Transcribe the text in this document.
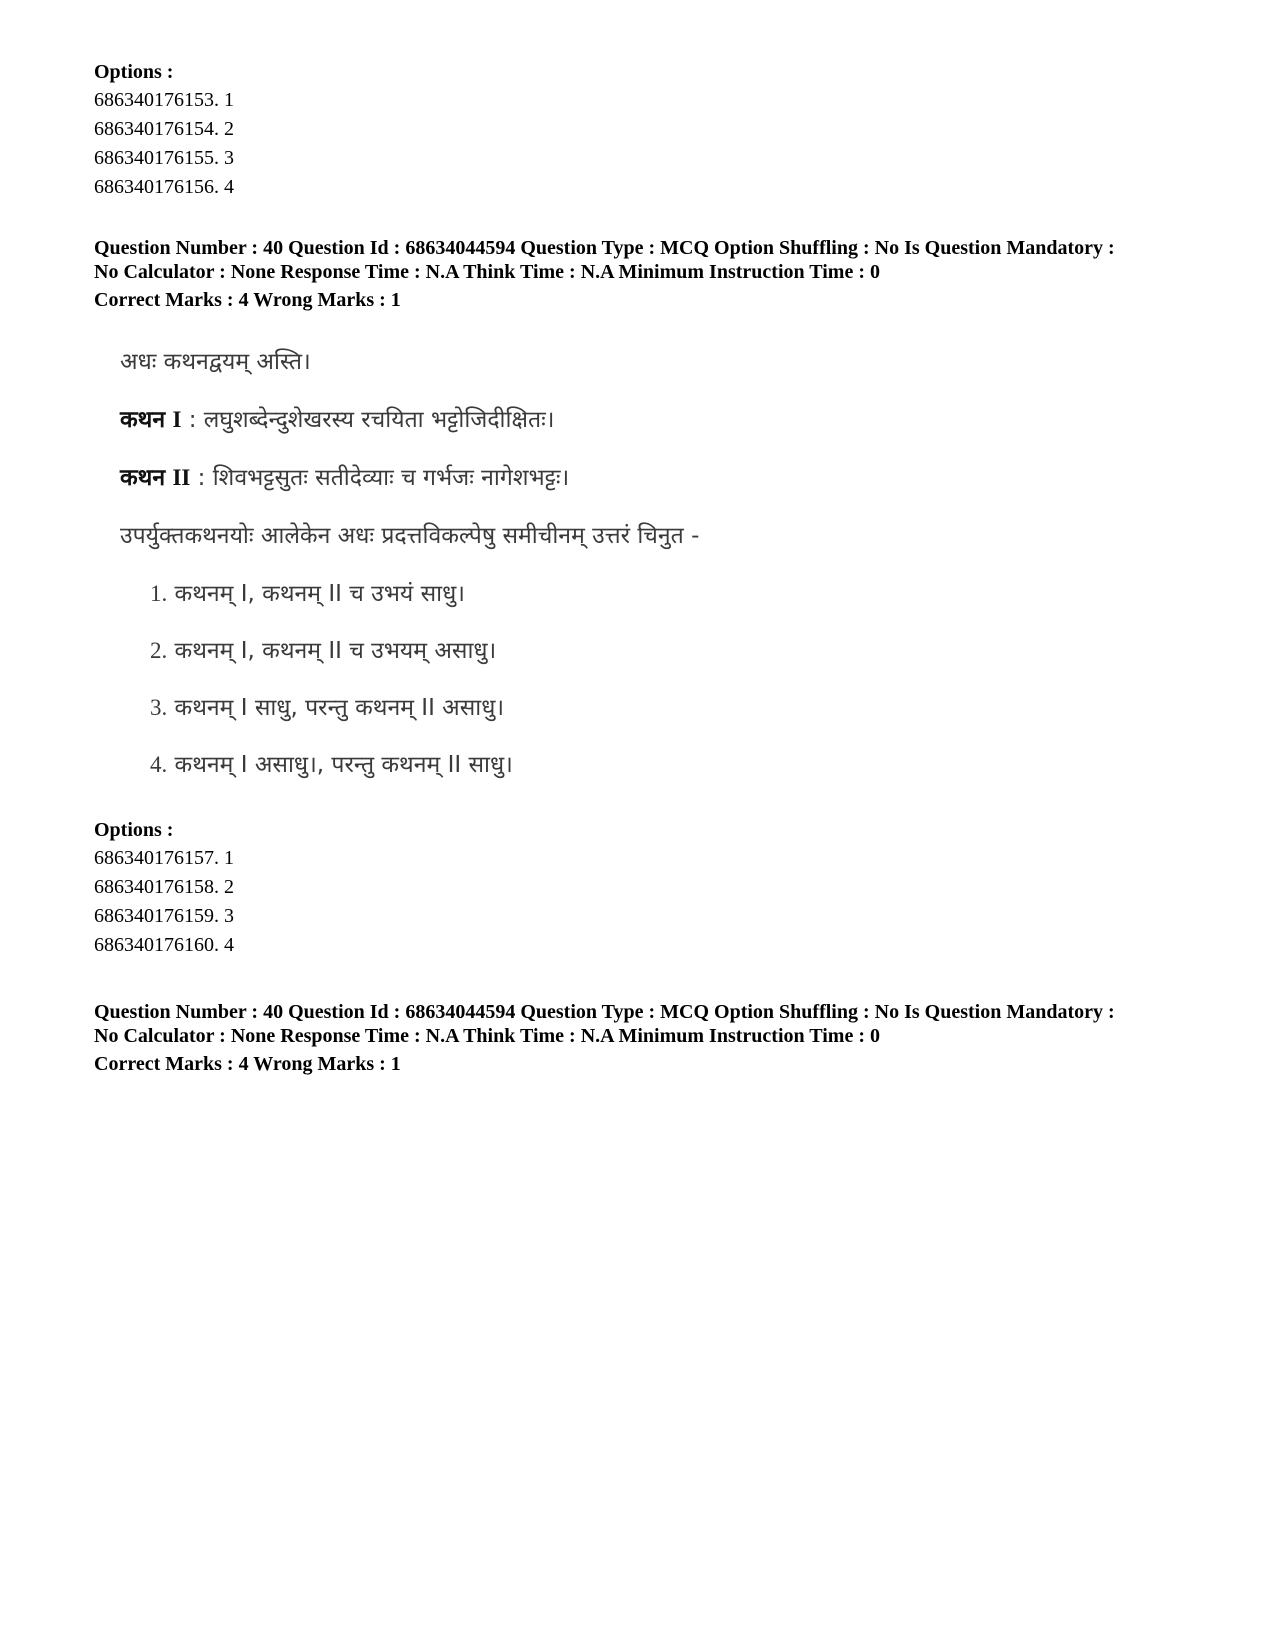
Options :

686340176153. 1

686340176154. 2

686340176155. 3

686340176156. 4

Question Number : 40 Question Id : 68634044594 Question Type : MCQ Option Shuffling : No Is Question Mandatory :

No Calculator : None Response Time : N.A Think Time : N.A Minimum Instruction Time : 0

Correct Marks : 4 Wrong Marks : 1

अधः कथनद्वयम् अस्ति।
कथन I : लघुशब्देन्दुशेखरस्य रचयिता भट्टोजिदीक्षितः।
कथन II : शिवभट्टसुतः सतीदेव्याः च गर्भजः नागेशभट्टः।
उपर्युक्तकथनयोः आलेकेन अधः प्रदत्तविकल्पेषु समीचीनम् उत्तरं चिनुत -
1. कथनम् I, कथनम् II च उभयं साधु।
2. कथनम् I, कथनम् II च उभयम् असाधु।
3. कथनम् I साधु, परन्तु कथनम् II असाधु।
4. कथनम् I असाधु।, परन्तु कथनम् II साधु।

Options :

686340176157. 1

686340176158. 2

686340176159. 3

686340176160. 4

Question Number : 40 Question Id : 68634044594 Question Type : MCQ Option Shuffling : No Is Question Mandatory :

No Calculator : None Response Time : N.A Think Time : N.A Minimum Instruction Time : 0

Correct Marks : 4 Wrong Marks : 1
